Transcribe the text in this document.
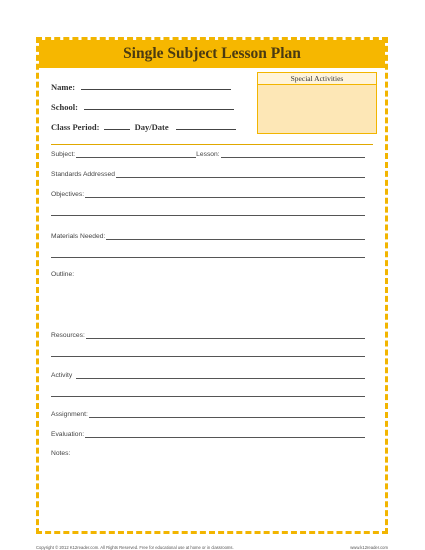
Single Subject Lesson Plan
Name:
School:
Class Period:	Day/Date
Special Activities
Subject:	Lesson:
Standards Addressed
Objectives:
Materials Needed:
Outline:
Resources:
Activity
Assignment:
Evaluation:
Notes:
Copyright © 2012 K12reader.com. All Rights Reserved. Free for educational use at home or in classrooms.	www.k12reader.com
